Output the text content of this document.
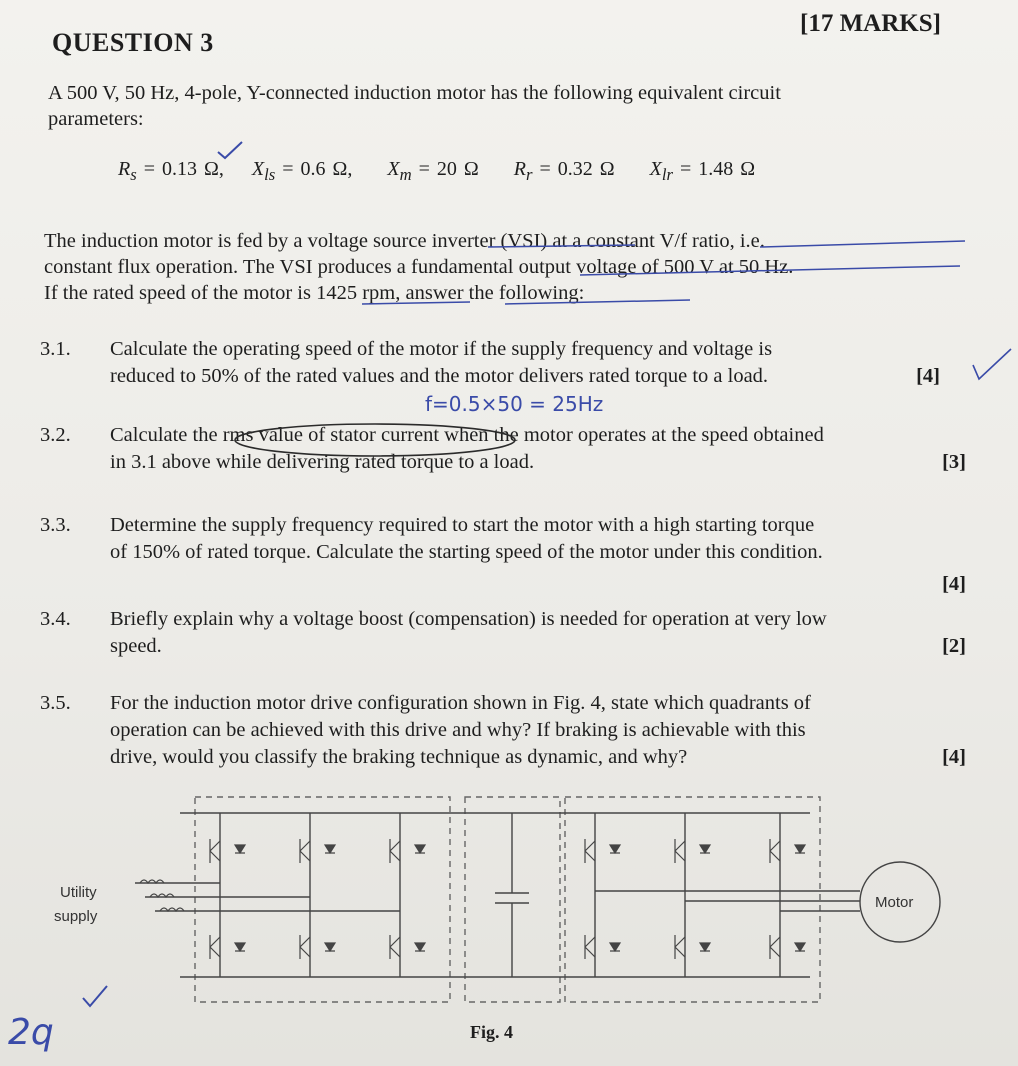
QUESTION 3
[17 MARKS]
A 500 V, 50 Hz, 4-pole, Y-connected induction motor has the following equivalent circuit
parameters:
$R_s = 0.13$ Ω, $X_{ls} = 0.6$ Ω, $X_m = 20$ Ω $R_r = 0.32$ Ω $X_{lr} = 1.48$ Ω
The induction motor is fed by a voltage source inverter (VSI) at a constant V/f ratio, i.e.
constant flux operation. The VSI produces a fundamental output voltage of 500 V at 50 Hz.
If the rated speed of the motor is 1425 rpm, answer the following:
3.1. Calculate the operating speed of the motor if the supply frequency and voltage is
reduced to 50% of the rated values and the motor delivers rated torque to a load.	[4]
f=0.5×50 = 25Hz
3.2. Calculate the rms value of stator current when the motor operates at the speed obtained
in 3.1 above while delivering rated torque to a load.	[3]
3.3. Determine the supply frequency required to start the motor with a high starting torque
of 150% of rated torque. Calculate the starting speed of the motor under this condition.
[4]
3.4. Briefly explain why a voltage boost (compensation) is needed for operation at very low
speed.	[2]
3.5. For the induction motor drive configuration shown in Fig. 4, state which quadrants of
operation can be achieved with this drive and why? If braking is achievable with this
drive, would you classify the braking technique as dynamic, and why?	[4]
Utility
supply
Motor
Fig. 4
2q
